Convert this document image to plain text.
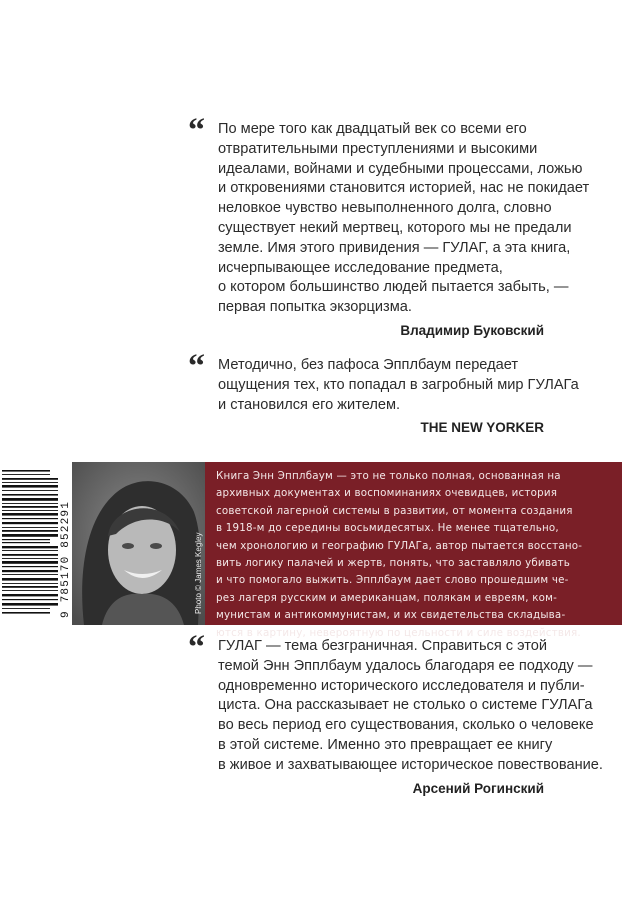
“ По мере того как двадцатый век со всеми его
отвратительными преступлениями и высокими
идеалами, войнами и судебными процессами, ложью
и откровениями становится историей, нас не покидает
неловкое чувство невыполненного долга, словно
существует некий мертвец, которого мы не предали
земле. Имя этого привидения — ГУЛАГ, а эта книга,
исчерпывающее исследование предмета,
о котором большинство людей пытается забыть, —
первая попытка экзорцизма.
Владимир Буковский
“ Методично, без пафоса Эпплбаум передает
ощущения тех, кто попадал в загробный мир ГУЛАГа
и становился его жителем.
THE NEW YORKER
9 785170 852291	Photo © James Kegley
Книга Энн Эпплбаум — это не только полная, основанная на
архивных документах и воспоминаниях очевидцев, история
советской лагерной системы в развитии, от момента создания
в 1918-м до середины восьмидесятых. Не менее тщательно,
чем хронологию и географию ГУЛАГа, автор пытается восстано-
вить логику палачей и жертв, понять, что заставляло убивать
и что помогало выжить. Эпплбаум дает слово прошедшим че-
рез лагеря русским и американцам, полякам и евреям, ком-
мунистам и антикоммунистам, и их свидетельства складыва-
ются в картину, невероятную по цельности и силе воздействия.
“ ГУЛАГ — тема безграничная. Справиться с этой
темой Энн Эпплбаум удалось благодаря ее подходу —
одновременно исторического исследователя и публи-
циста. Она рассказывает не столько о системе ГУЛАГа
во весь период его существования, сколько о человеке
в этой системе. Именно это превращает ее книгу
в живое и захватывающее историческое повествование.
Арсений Рогинский
